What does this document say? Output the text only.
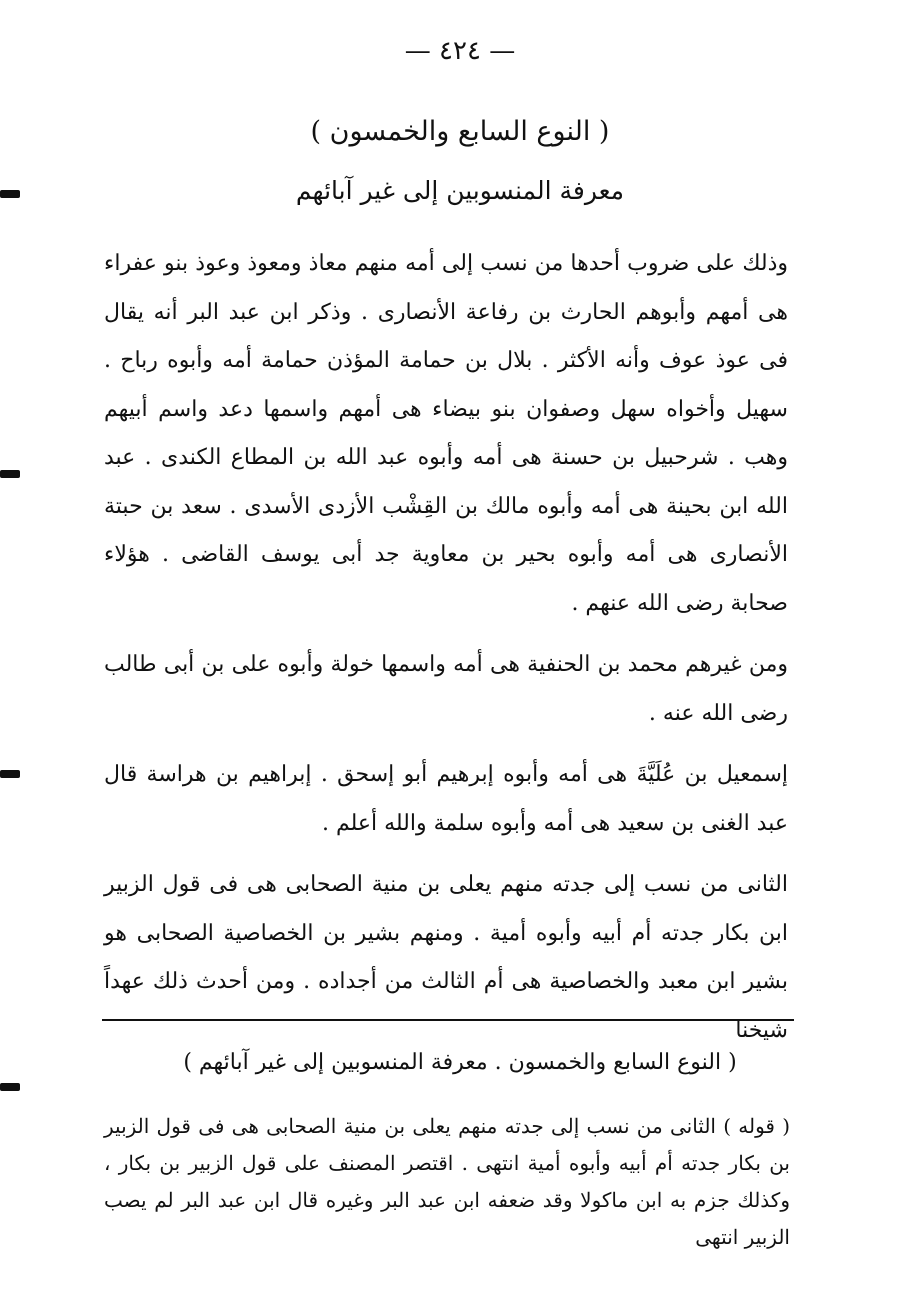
— ٤٢٤ —
( النوع السابع والخمسون )
معرفة المنسوبين إلى غير آبائهم

وذلك على ضروب أحدها من نسب إلى أمه منهم معاذ ومعوذ وعوذ بنو عفراء هى أمهم وأبوهم الحارث بن رفاعة الأنصارى . وذكر ابن عبد البر أنه يقال فى عوذ عوف وأنه الأكثر . بلال بن حمامة المؤذن حمامة أمه وأبوه رباح . سهيل وأخواه سهل وصفوان بنو بيضاء هى أمهم واسمها دعد واسم أبيهم وهب . شرحبيل بن حسنة هى أمه وأبوه عبد الله بن المطاع الكندى . عبد الله ابن بحينة هى أمه وأبوه مالك بن القِشْب الأزدى الأسدى . سعد بن حبتة الأنصارى هى أمه وأبوه بحير بن معاوية جد أبى يوسف القاضى . هؤلاء صحابة رضى الله عنهم .

ومن غيرهم محمد بن الحنفية هى أمه واسمها خولة وأبوه على بن أبى طالب رضى الله عنه .

إسمعيل بن عُلَيَّةَ هى أمه وأبوه إبرهيم أبو إسحق . إبراهيم بن هراسة قال عبد الغنى بن سعيد هى أمه وأبوه سلمة والله أعلم .

الثانى من نسب إلى جدته منهم يعلى بن منية الصحابى هى فى قول الزبير ابن بكار جدته أم أبيه وأبوه أمية . ومنهم بشير بن الخصاصية الصحابى هو بشير ابن معبد والخصاصية هى أم الثالث من أجداده . ومن أحدث ذلك عهداً شيخنا

( النوع السابع والخمسون . معرفة المنسوبين إلى غير آبائهم )

( قوله ) الثانى من نسب إلى جدته منهم يعلى بن منية الصحابى هى فى قول الزبير بن بكار جدته أم أبيه وأبوه أمية انتهى . اقتصر المصنف على قول الزبير بن بكار ، وكذلك جزم به ابن ماكولا وقد ضعفه ابن عبد البر وغيره قال ابن عبد البر لم يصب الزبير انتهى
